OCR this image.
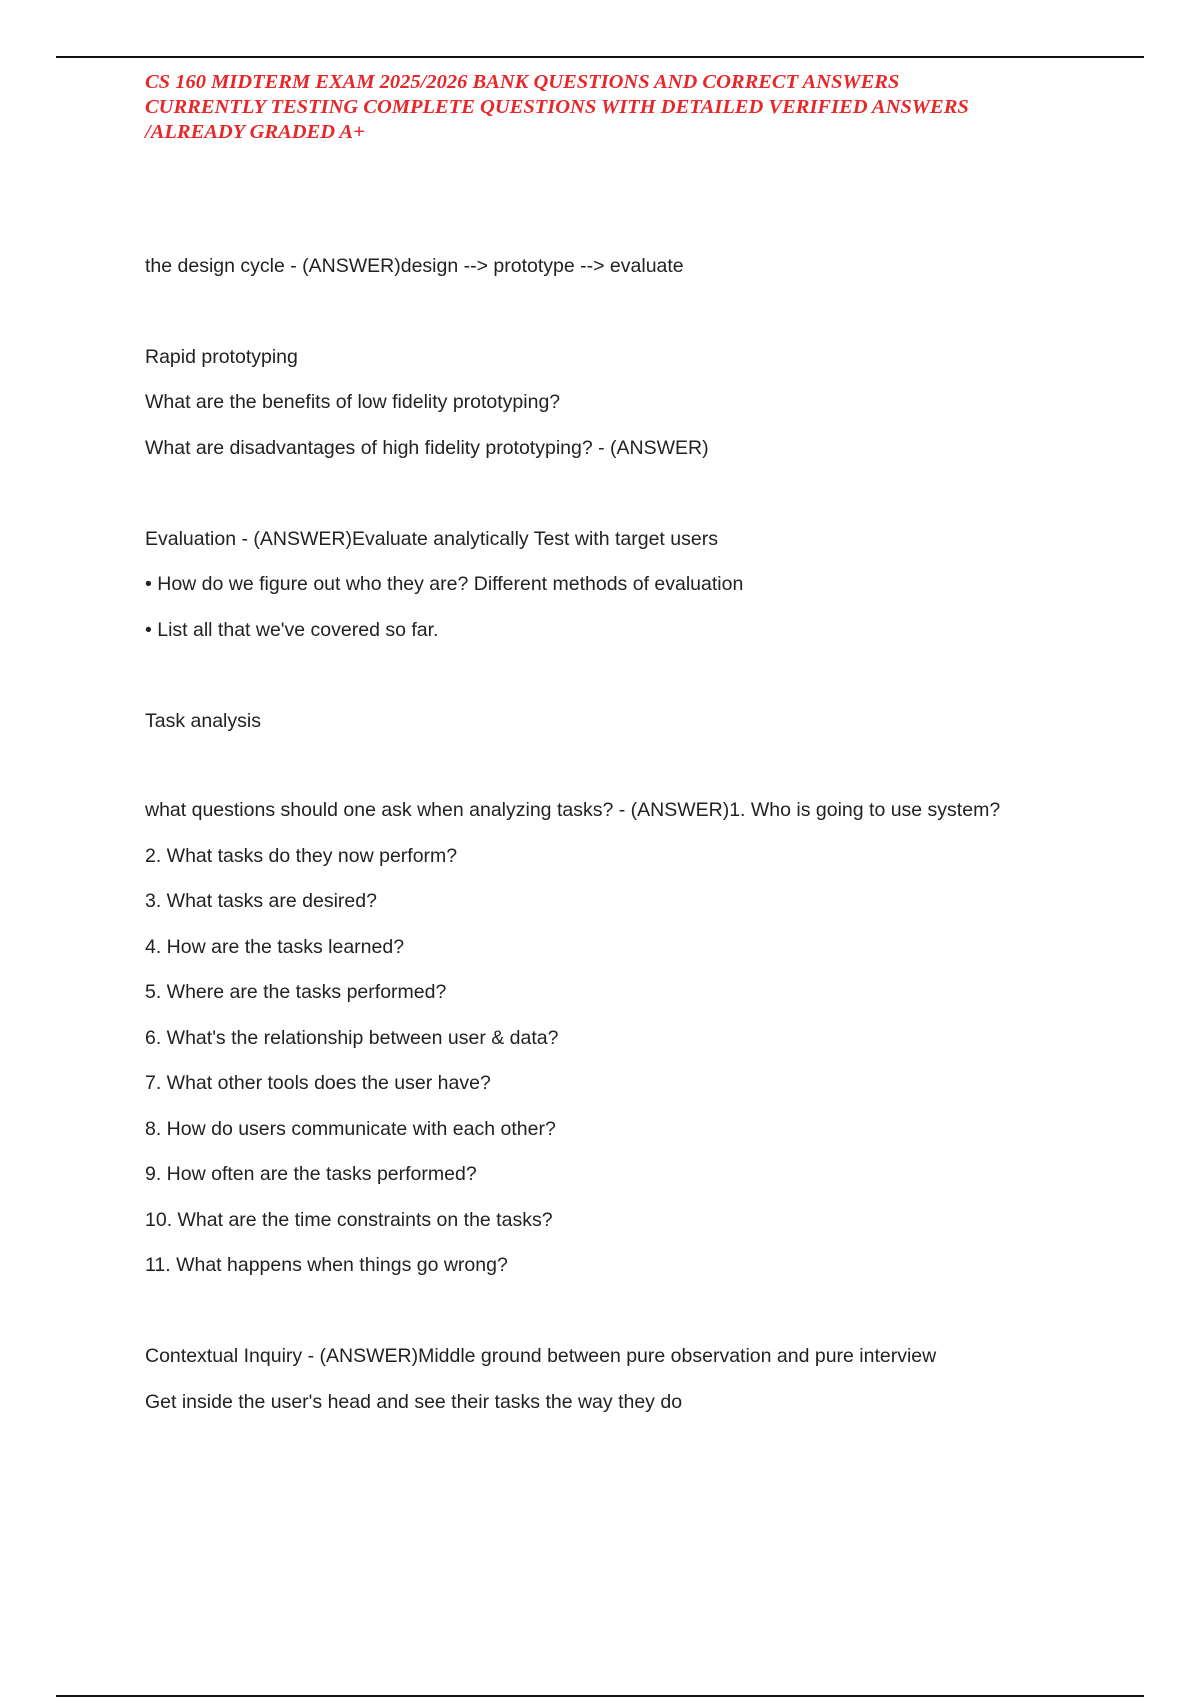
CS 160 MIDTERM EXAM 2025/2026 BANK QUESTIONS AND CORRECT ANSWERS
CURRENTLY TESTING COMPLETE QUESTIONS WITH DETAILED VERIFIED ANSWERS
/ALREADY GRADED A+

the design cycle - (ANSWER)design --> prototype --> evaluate

Rapid prototyping

What are the benefits of low fidelity prototyping?

What are disadvantages of high fidelity prototyping? - (ANSWER)

Evaluation - (ANSWER)Evaluate analytically Test with target users

• How do we figure out who they are? Different methods of evaluation

• List all that we've covered so far.

Task analysis

what questions should one ask when analyzing tasks? - (ANSWER)1. Who is going to use system?

2. What tasks do they now perform?

3. What tasks are desired?

4. How are the tasks learned?

5. Where are the tasks performed?

6. What's the relationship between user & data?

7. What other tools does the user have?

8. How do users communicate with each other?

9. How often are the tasks performed?

10. What are the time constraints on the tasks?

11. What happens when things go wrong?

Contextual Inquiry - (ANSWER)Middle ground between pure observation and pure interview

Get inside the user's head and see their tasks the way they do
